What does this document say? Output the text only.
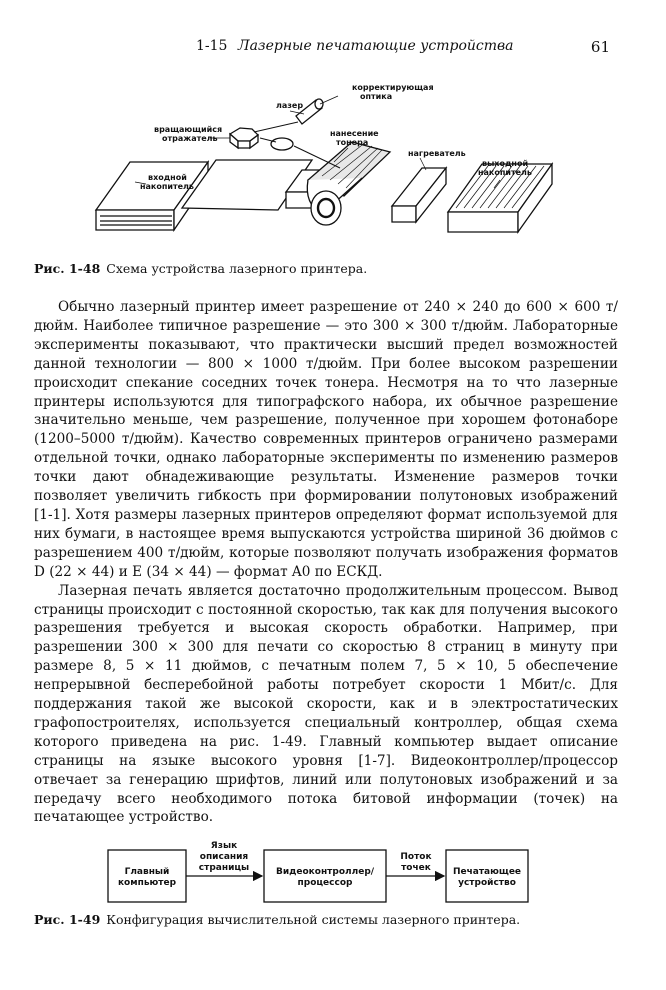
1-15 Лазерные печатающие устройства	61
корректирующая
оптика
лазер
вращающийся
отражатель
нанесение
тонера
нагреватель
входной
накопитель
выходной
накопитель
Рис. 1-48 Схема устройства лазерного принтера.

Обычно лазерный принтер имеет разрешение от 240 × 240 до 600 × 600 т/дюйм. Наиболее типичное разрешение — это 300 × 300 т/дюйм. Лабораторные эксперименты показывают, что практически высший предел возможностей данной технологии — 800 × 1000 т/дюйм. При более высоком разрешении происходит спекание соседних точек тонера. Несмотря на то что лазерные принтеры используются для типографского набора, их обычное разрешение значительно меньше, чем разрешение, полученное при хорошем фотонаборе (1200–5000 т/дюйм). Качество современных принтеров ограничено размерами отдельной точки, однако лабораторные эксперименты по изменению размеров точки дают обнадеживающие результаты. Изменение размеров точки позволяет увеличить гибкость при формировании полутоновых изображений [1-1]. Хотя размеры лазерных принтеров определяют формат используемой для них бумаги, в настоящее время выпускаются устройства шириной 36 дюймов с разрешением 400 т/дюйм, которые позволяют получать изображения форматов D (22 × 44) и E (34 × 44) — формат A0 по ЕСКД.

Лазерная печать является достаточно продолжительным процессом. Вывод страницы происходит с постоянной скоростью, так как для получения высокого разрешения требуется и высокая скорость обработки. Например, при разрешении 300 × 300 для печати со скоростью 8 страниц в минуту при размере 8, 5 × 11 дюймов, с печатным полем 7, 5 × 10, 5 обеспечение непрерывной бесперебойной работы потребует скорости 1 Мбит/с. Для поддержания такой же высокой скорости, как и в электростатических графопостроителях, используется специальный контроллер, общая схема которого приведена на рис. 1-49. Главный компьютер выдает описание страницы на языке высокого уровня [1-7]. Видеоконтроллер/процессор отвечает за генерацию шрифтов, линий или полутоновых изображений и за передачу всего необходимого потока битовой информации (точек) на печатающее устройство.

Главный
компьютер
Видеоконтроллер/
процессор
Печатающее
устройство
Язык
описания
страницы
Поток
точек
Рис. 1-49 Конфигурация вычислительной системы лазерного принтера.
